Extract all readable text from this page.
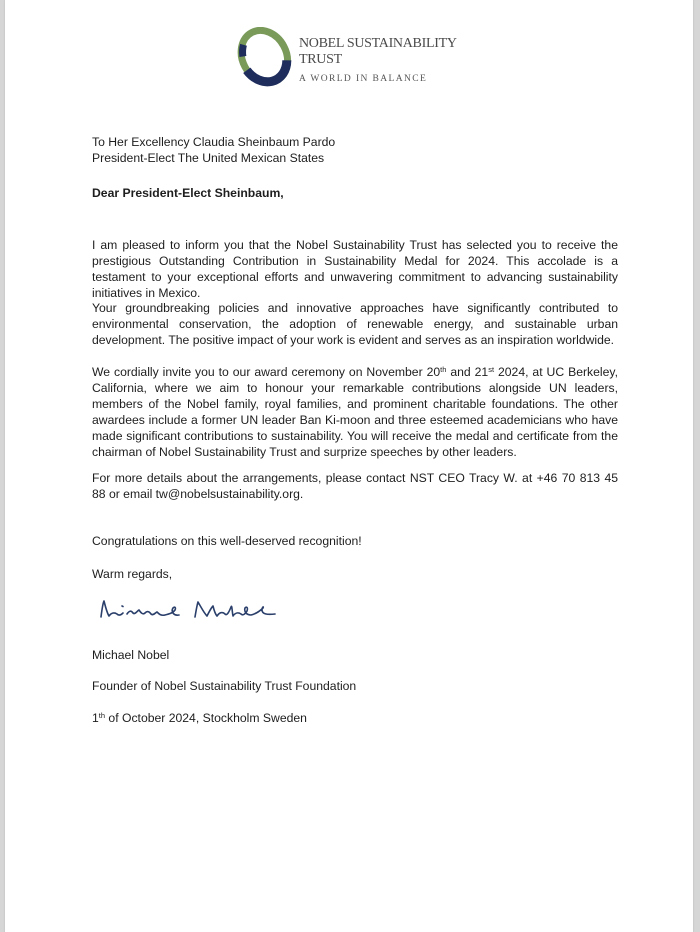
NOBEL SUSTAINABILITY
TRUST
A WORLD IN BALANCE
To Her Excellency Claudia Sheinbaum Pardo
President-Elect The United Mexican States
Dear President-Elect Sheinbaum,
I am pleased to inform you that the Nobel Sustainability Trust has selected you to receive the prestigious Outstanding Contribution in Sustainability Medal for 2024. This accolade is a testament to your exceptional efforts and unwavering commitment to advancing sustainability initiatives in Mexico.
Your groundbreaking policies and innovative approaches have significantly contributed to environmental conservation, the adoption of renewable energy, and sustainable urban development. The positive impact of your work is evident and serves as an inspiration worldwide.
We cordially invite you to our award ceremony on November 20th and 21st 2024, at UC Berkeley, California, where we aim to honour your remarkable contributions alongside UN leaders, members of the Nobel family, royal families, and prominent charitable foundations. The other awardees include a former UN leader Ban Ki-moon and three esteemed academicians who have made significant contributions to sustainability. You will receive the medal and certificate from the chairman of Nobel Sustainability Trust and surprize speeches by other leaders.
For more details about the arrangements, please contact NST CEO Tracy W. at +46 70 813 45 88 or email tw@nobelsustainability.org.
Congratulations on this well-deserved recognition!
Warm regards,
Michael Nobel
Founder of Nobel Sustainability Trust Foundation
1th of October 2024, Stockholm Sweden
